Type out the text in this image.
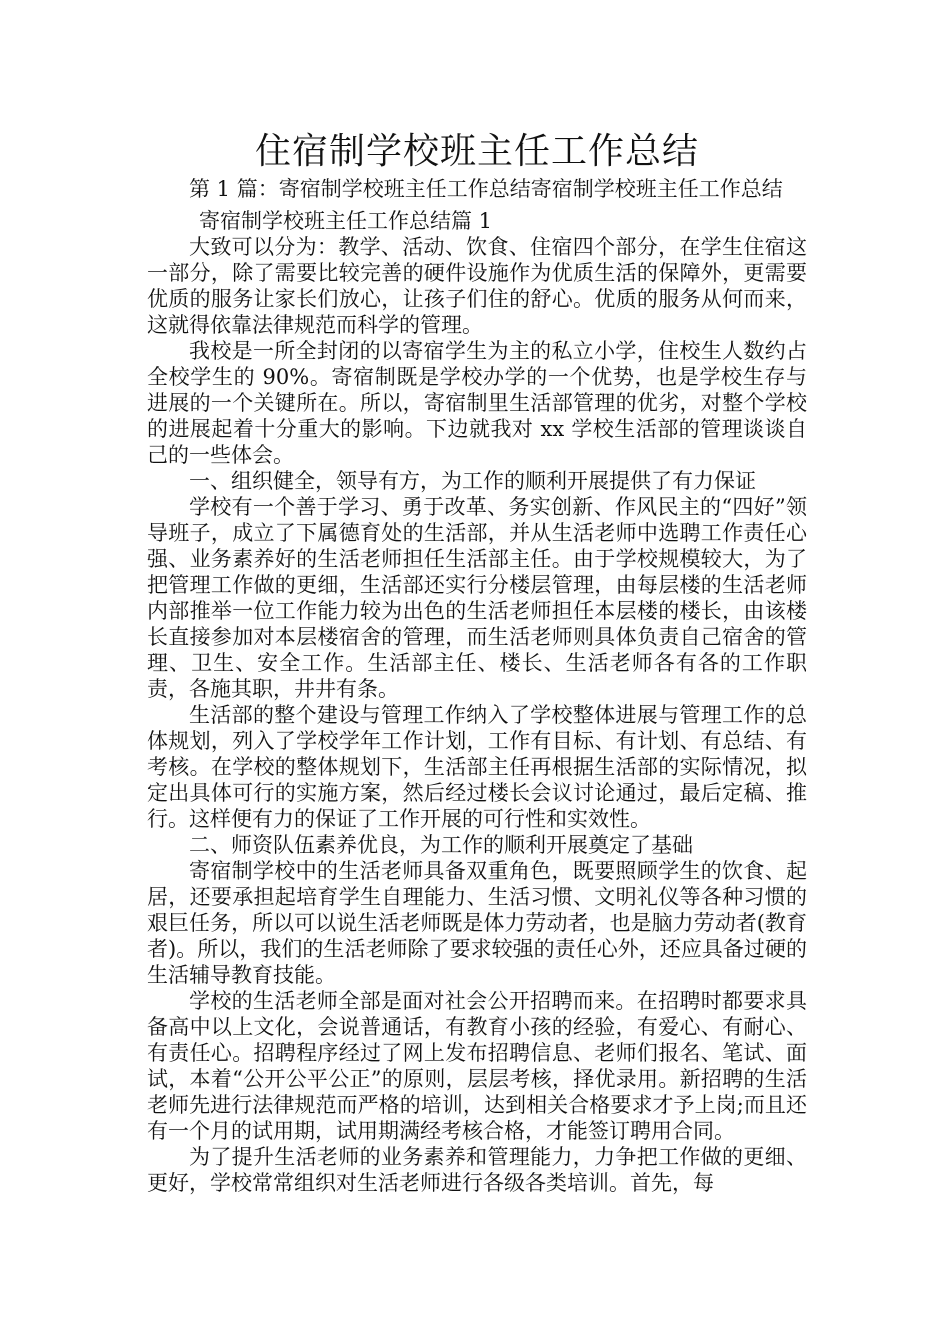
住宿制学校班主任工作总结

第 1 篇：寄宿制学校班主任工作总结寄宿制学校班主任工作总结

寄宿制学校班主任工作总结篇 1

大致可以分为：教学、活动、饮食、住宿四个部分，在学生住宿这一部分，除了需要比较完善的硬件设施作为优质生活的保障外，更需要优质的服务让家长们放心，让孩子们住的舒心。优质的服务从何而来，这就得依靠法律规范而科学的管理。

我校是一所全封闭的以寄宿学生为主的私立小学，住校生人数约占全校学生的 90%。寄宿制既是学校办学的一个优势，也是学校生存与进展的一个关键所在。所以，寄宿制里生活部管理的优劣，对整个学校的进展起着十分重大的影响。下边就我对 xx 学校生活部的管理谈谈自己的一些体会。

一、组织健全，领导有方，为工作的顺利开展提供了有力保证

学校有一个善于学习、勇于改革、务实创新、作风民主的“四好”领导班子，成立了下属德育处的生活部，并从生活老师中选聘工作责任心强、业务素养好的生活老师担任生活部主任。由于学校规模较大，为了把管理工作做的更细，生活部还实行分楼层管理，由每层楼的生活老师内部推举一位工作能力较为出色的生活老师担任本层楼的楼长，由该楼长直接参加对本层楼宿舍的管理，而生活老师则具体负责自己宿舍的管理、卫生、安全工作。生活部主任、楼长、生活老师各有各的工作职责，各施其职，井井有条。

生活部的整个建设与管理工作纳入了学校整体进展与管理工作的总体规划，列入了学校学年工作计划，工作有目标、有计划、有总结、有考核。在学校的整体规划下，生活部主任再根据生活部的实际情况，拟定出具体可行的实施方案，然后经过楼长会议讨论通过，最后定稿、推行。这样便有力的保证了工作开展的可行性和实效性。

二、师资队伍素养优良，为工作的顺利开展奠定了基础

寄宿制学校中的生活老师具备双重角色，既要照顾学生的饮食、起居，还要承担起培育学生自理能力、生活习惯、文明礼仪等各种习惯的艰巨任务，所以可以说生活老师既是体力劳动者，也是脑力劳动者(教育者)。所以，我们的生活老师除了要求较强的责任心外，还应具备过硬的生活辅导教育技能。

学校的生活老师全部是面对社会公开招聘而来。在招聘时都要求具备高中以上文化，会说普通话，有教育小孩的经验，有爱心、有耐心、有责任心。招聘程序经过了网上发布招聘信息、老师们报名、笔试、面试，本着“公开公平公正”的原则，层层考核，择优录用。新招聘的生活老师先进行法律规范而严格的培训，达到相关合格要求才予上岗;而且还有一个月的试用期，试用期满经考核合格，才能签订聘用合同。

为了提升生活老师的业务素养和管理能力，力争把工作做的更细、更好，学校常常组织对生活老师进行各级各类培训。首先，每
